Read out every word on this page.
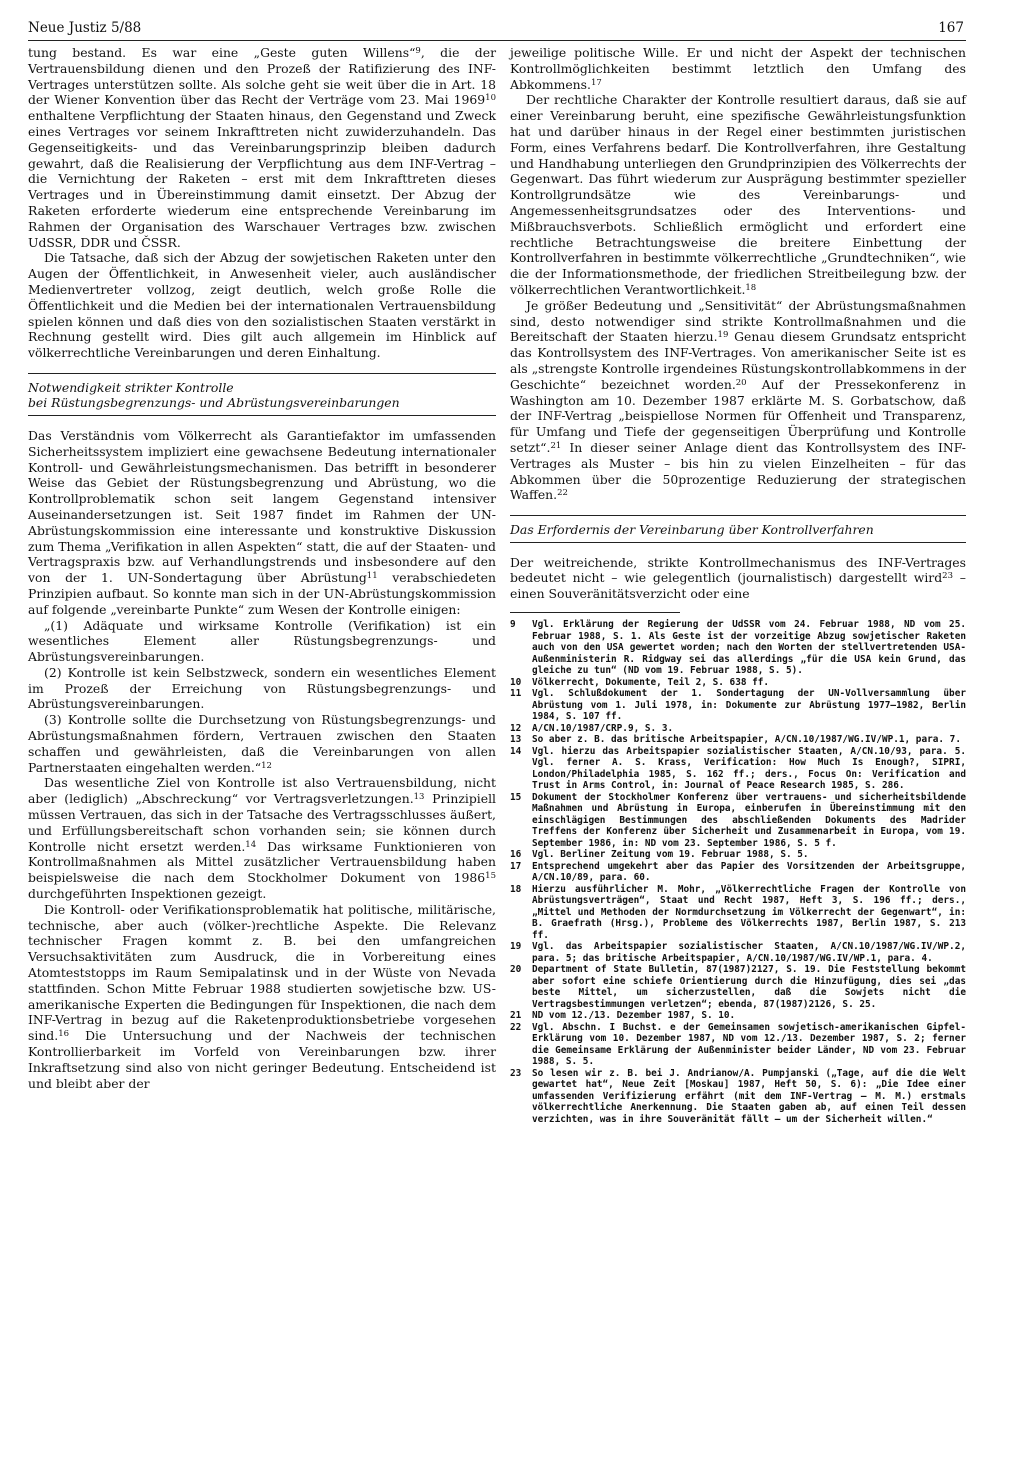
Neue Justiz 5/88	167

tung bestand. Es war eine „Geste guten Willens“$^9$, die der Vertrauensbildung dienen und den Prozeß der Ratifizierung des INF-Vertrages unterstützen sollte. Als solche geht sie weit über die in Art. 18 der Wiener Konvention über das Recht der Verträge vom 23. Mai 1969$^{10}$ enthaltene Verpflichtung der Staaten hinaus, den Gegenstand und Zweck eines Vertrages vor seinem Inkrafttreten nicht zuwiderzuhandeln. Das Gegenseitigkeits- und das Vereinbarungsprinzip bleiben dadurch gewahrt, daß die Realisierung der Verpflichtung aus dem INF-Vertrag – die Vernichtung der Raketen – erst mit dem Inkrafttreten dieses Vertrages und in Übereinstimmung damit einsetzt. Der Abzug der Raketen erforderte wiederum eine entsprechende Vereinbarung im Rahmen der Organisation des Warschauer Vertrages bzw. zwischen UdSSR, DDR und ČSSR.

Die Tatsache, daß sich der Abzug der sowjetischen Raketen unter den Augen der Öffentlichkeit, in Anwesenheit vieler, auch ausländischer Medienvertreter vollzog, zeigt deutlich, welch große Rolle die Öffentlichkeit und die Medien bei der internationalen Vertrauensbildung spielen können und daß dies von den sozialistischen Staaten verstärkt in Rechnung gestellt wird. Dies gilt auch allgemein im Hinblick auf völkerrechtliche Vereinbarungen und deren Einhaltung.

Notwendigkeit strikter Kontrolle
bei Rüstungsbegrenzungs- und Abrüstungsvereinbarungen

Das Verständnis vom Völkerrecht als Garantiefaktor im umfassenden Sicherheitssystem impliziert eine gewachsene Bedeutung internationaler Kontroll- und Gewährleistungsmechanismen. Das betrifft in besonderer Weise das Gebiet der Rüstungsbegrenzung und Abrüstung, wo die Kontrollproblematik schon seit langem Gegenstand intensiver Auseinandersetzungen ist. Seit 1987 findet im Rahmen der UN-Abrüstungskommission eine interessante und konstruktive Diskussion zum Thema „Verifikation in allen Aspekten“ statt, die auf der Staaten- und Vertragspraxis bzw. auf Verhandlungstrends und insbesondere auf den von der 1. UN-Sondertagung über Abrüstung$^{11}$ verabschiedeten Prinzipien aufbaut. So konnte man sich in der UN-Abrüstungskommission auf folgende „vereinbarte Punkte“ zum Wesen der Kontrolle einigen:

„(1) Adäquate und wirksame Kontrolle (Verifikation) ist ein wesentliches Element aller Rüstungsbegrenzungs- und Abrüstungsvereinbarungen.

(2) Kontrolle ist kein Selbstzweck, sondern ein wesentliches Element im Prozeß der Erreichung von Rüstungsbegrenzungs- und Abrüstungsvereinbarungen.

(3) Kontrolle sollte die Durchsetzung von Rüstungsbegrenzungs- und Abrüstungsmaßnahmen fördern, Vertrauen zwischen den Staaten schaffen und gewährleisten, daß die Vereinbarungen von allen Partnerstaaten eingehalten werden.“$^{12}$

Das wesentliche Ziel von Kontrolle ist also Vertrauensbildung, nicht aber (lediglich) „Abschreckung“ vor Vertragsverletzungen.$^{13}$ Prinzipiell müssen Vertrauen, das sich in der Tatsache des Vertragsschlusses äußert, und Erfüllungsbereitschaft schon vorhanden sein; sie können durch Kontrolle nicht ersetzt werden.$^{14}$ Das wirksame Funktionieren von Kontrollmaßnahmen als Mittel zusätzlicher Vertrauensbildung haben beispielsweise die nach dem Stockholmer Dokument von 1986$^{15}$ durchgeführten Inspektionen gezeigt.

Die Kontroll- oder Verifikationsproblematik hat politische, militärische, technische, aber auch (völker-)rechtliche Aspekte. Die Relevanz technischer Fragen kommt z. B. bei den umfangreichen Versuchsaktivitäten zum Ausdruck, die in Vorbereitung eines Atomteststopps im Raum Semipalatinsk und in der Wüste von Nevada stattfinden. Schon Mitte Februar 1988 studierten sowjetische bzw. US-amerikanische Experten die Bedingungen für Inspektionen, die nach dem INF-Vertrag in bezug auf die Raketenproduktionsbetriebe vorgesehen sind.$^{16}$ Die Untersuchung und der Nachweis der technischen Kontrollierbarkeit im Vorfeld von Vereinbarungen bzw. ihrer Inkraftsetzung sind also von nicht geringer Bedeutung. Entscheidend ist und bleibt aber der

jeweilige politische Wille. Er und nicht der Aspekt der technischen Kontrollmöglichkeiten bestimmt letztlich den Umfang des Abkommens.$^{17}$

Der rechtliche Charakter der Kontrolle resultiert daraus, daß sie auf einer Vereinbarung beruht, eine spezifische Gewährleistungsfunktion hat und darüber hinaus in der Regel einer bestimmten juristischen Form, eines Verfahrens bedarf. Die Kontrollverfahren, ihre Gestaltung und Handhabung unterliegen den Grundprinzipien des Völkerrechts der Gegenwart. Das führt wiederum zur Ausprägung bestimmter spezieller Kontrollgrundsätze wie des Vereinbarungs- und Angemessenheitsgrundsatzes oder des Interventions- und Mißbrauchsverbots. Schließlich ermöglicht und erfordert eine rechtliche Betrachtungsweise die breitere Einbettung der Kontrollverfahren in bestimmte völkerrechtliche „Grundtechniken“, wie die der Informationsmethode, der friedlichen Streitbeilegung bzw. der völkerrechtlichen Verantwortlichkeit.$^{18}$

Je größer Bedeutung und „Sensitivität“ der Abrüstungsmaßnahmen sind, desto notwendiger sind strikte Kontrollmaßnahmen und die Bereitschaft der Staaten hierzu.$^{19}$ Genau diesem Grundsatz entspricht das Kontrollsystem des INF-Vertrages. Von amerikanischer Seite ist es als „strengste Kontrolle irgendeines Rüstungskontrollabkommens in der Geschichte“ bezeichnet worden.$^{20}$ Auf der Pressekonferenz in Washington am 10. Dezember 1987 erklärte M. S. Gorbatschow, daß der INF-Vertrag „beispiellose Normen für Offenheit und Transparenz, für Umfang und Tiefe der gegenseitigen Überprüfung und Kontrolle setzt“.$^{21}$ In dieser seiner Anlage dient das Kontrollsystem des INF-Vertrages als Muster – bis hin zu vielen Einzelheiten – für das Abkommen über die 50prozentige Reduzierung der strategischen Waffen.$^{22}$

Das Erfordernis der Vereinbarung über Kontrollverfahren

Der weitreichende, strikte Kontrollmechanismus des INF-Vertrages bedeutet nicht – wie gelegentlich (journalistisch) dargestellt wird$^{23}$ – einen Souveränitätsverzicht oder eine

9	Vgl. Erklärung der Regierung der UdSSR vom 24. Februar 1988, ND vom 25. Februar 1988, S. 1. Als Geste ist der vorzeitige Abzug sowjetischer Raketen auch von den USA gewertet worden; nach den Worten der stellvertretenden USA-Außenministerin R. Ridgway sei das allerdings „für die USA kein Grund, das gleiche zu tun“ (ND vom 19. Februar 1988, S. 5).
10	Völkerrecht, Dokumente, Teil 2, S. 638 ff.
11	Vgl. Schlußdokument der 1. Sondertagung der UN-Vollversammlung über Abrüstung vom 1. Juli 1978, in: Dokumente zur Abrüstung 1977–1982, Berlin 1984, S. 107 ff.
12	A/CN.10/1987/CRP.9, S. 3.
13	So aber z. B. das britische Arbeitspapier, A/CN.10/1987/WG.IV/WP.1, para. 7.
14	Vgl. hierzu das Arbeitspapier sozialistischer Staaten, A/CN.10/93, para. 5. Vgl. ferner A. S. Krass, Verification: How Much Is Enough?, SIPRI, London/Philadelphia 1985, S. 162 ff.; ders., Focus On: Verification and Trust in Arms Control, in: Journal of Peace Research 1985, S. 286.
15	Dokument der Stockholmer Konferenz über vertrauens- und sicherheitsbildende Maßnahmen und Abrüstung in Europa, einberufen in Übereinstimmung mit den einschlägigen Bestimmungen des abschließenden Dokuments des Madrider Treffens der Konferenz über Sicherheit und Zusammenarbeit in Europa, vom 19. September 1986, in: ND vom 23. September 1986, S. 5 f.
16	Vgl. Berliner Zeitung vom 19. Februar 1988, S. 5.
17	Entsprechend umgekehrt aber das Papier des Vorsitzenden der Arbeitsgruppe, A/CN.10/89, para. 60.
18	Hierzu ausführlicher M. Mohr, „Völkerrechtliche Fragen der Kontrolle von Abrüstungsverträgen“, Staat und Recht 1987, Heft 3, S. 196 ff.; ders., „Mittel und Methoden der Normdurchsetzung im Völkerrecht der Gegenwart“, in: B. Graefrath (Hrsg.), Probleme des Völkerrechts 1987, Berlin 1987, S. 213 ff.
19	Vgl. das Arbeitspapier sozialistischer Staaten, A/CN.10/1987/WG.IV/WP.2, para. 5; das britische Arbeitspapier, A/CN.10/1987/WG.IV/WP.1, para. 4.
20	Department of State Bulletin, 87(1987)2127, S. 19. Die Feststellung bekommt aber sofort eine schiefe Orientierung durch die Hinzufügung, dies sei „das beste Mittel, um sicherzustellen, daß die Sowjets nicht die Vertragsbestimmungen verletzen“; ebenda, 87(1987)2126, S. 25.
21	ND vom 12./13. Dezember 1987, S. 10.
22	Vgl. Abschn. I Buchst. e der Gemeinsamen sowjetisch-amerikanischen Gipfel-Erklärung vom 10. Dezember 1987, ND vom 12./13. Dezember 1987, S. 2; ferner die Gemeinsame Erklärung der Außenminister beider Länder, ND vom 23. Februar 1988, S. 5.
23	So lesen wir z. B. bei J. Andrianow/A. Pumpjanski („Tage, auf die die Welt gewartet hat“, Neue Zeit [Moskau] 1987, Heft 50, S. 6): „Die Idee einer umfassenden Verifizierung erfährt (mit dem INF-Vertrag – M. M.) erstmals völkerrechtliche Anerkennung. Die Staaten gaben ab, auf einen Teil dessen verzichten, was in ihre Souveränität fällt – um der Sicherheit willen.“
